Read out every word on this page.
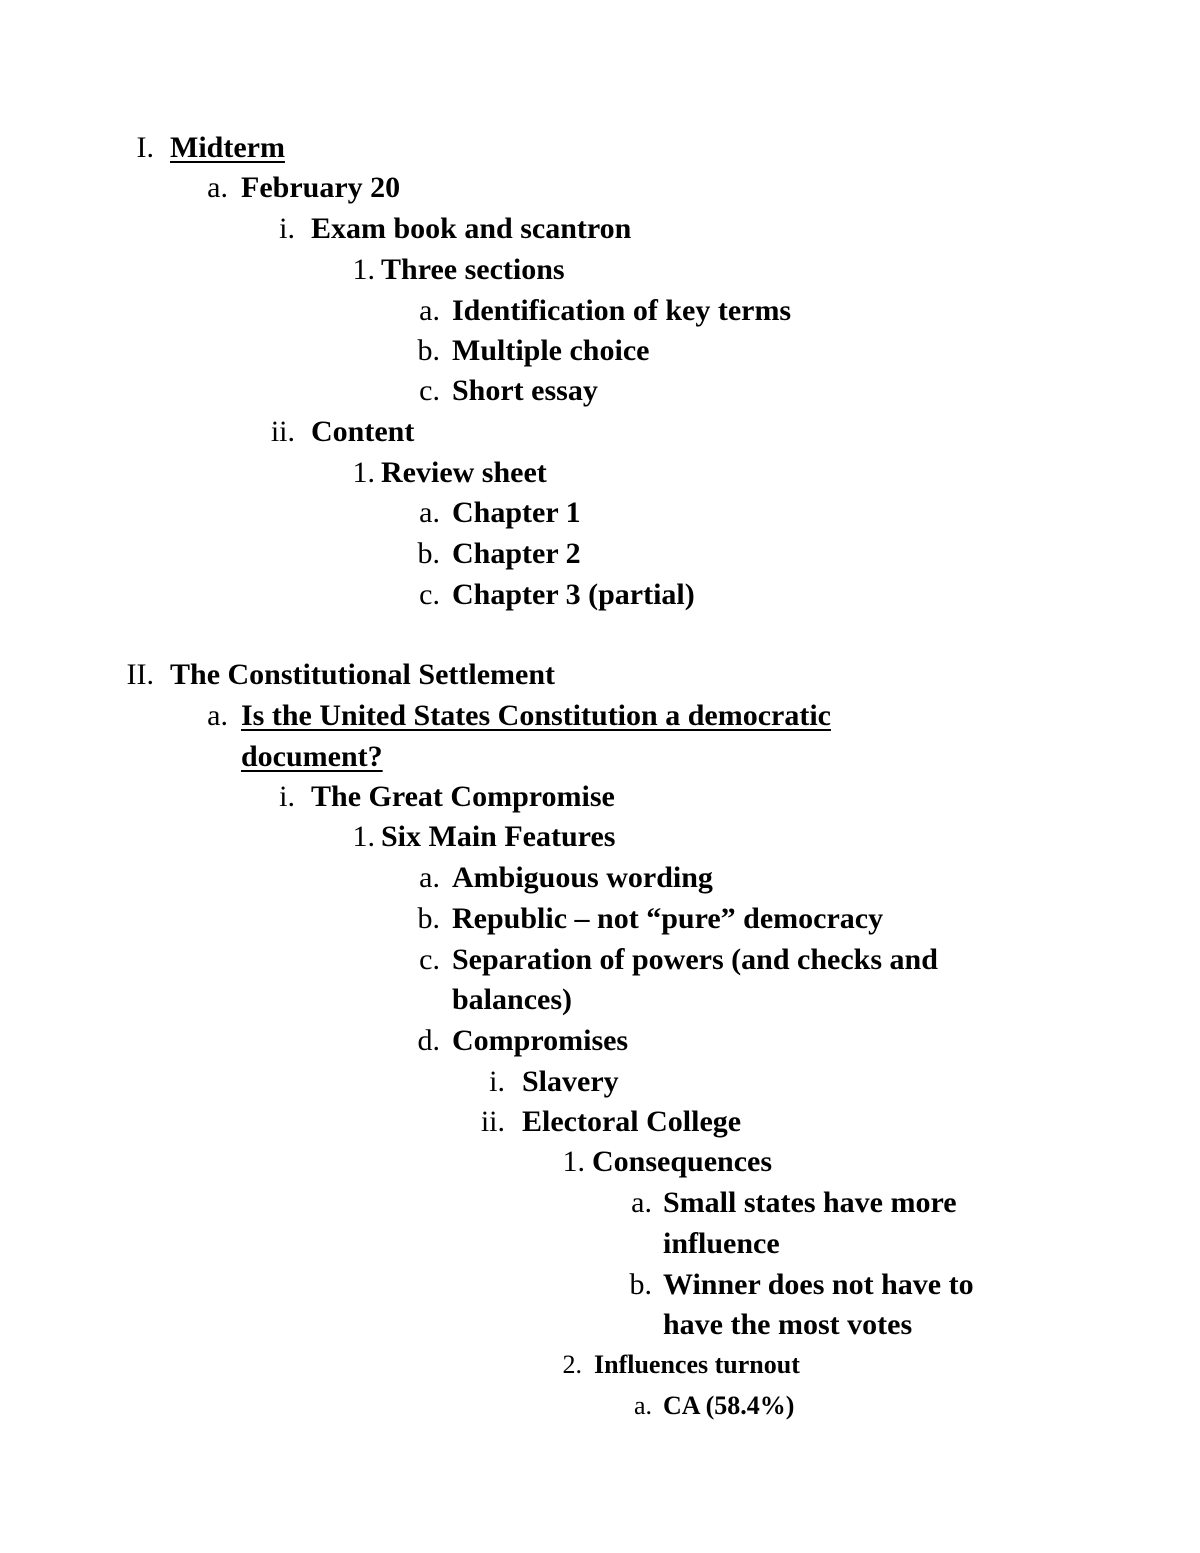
I. Midterm
a. February 20
i. Exam book and scantron
1. Three sections
a. Identification of key terms
b. Multiple choice
c. Short essay
ii. Content
1. Review sheet
a. Chapter 1
b. Chapter 2
c. Chapter 3 (partial)
II. The Constitutional Settlement
a. Is the United States Constitution a democratic
document?
i. The Great Compromise
1. Six Main Features
a. Ambiguous wording
b. Republic – not “pure” democracy
c. Separation of powers (and checks and
balances)
d. Compromises
i. Slavery
ii. Electoral College
1. Consequences
a. Small states have more
influence
b. Winner does not have to
have the most votes
2. Influences turnout
a. CA (58.4%)
